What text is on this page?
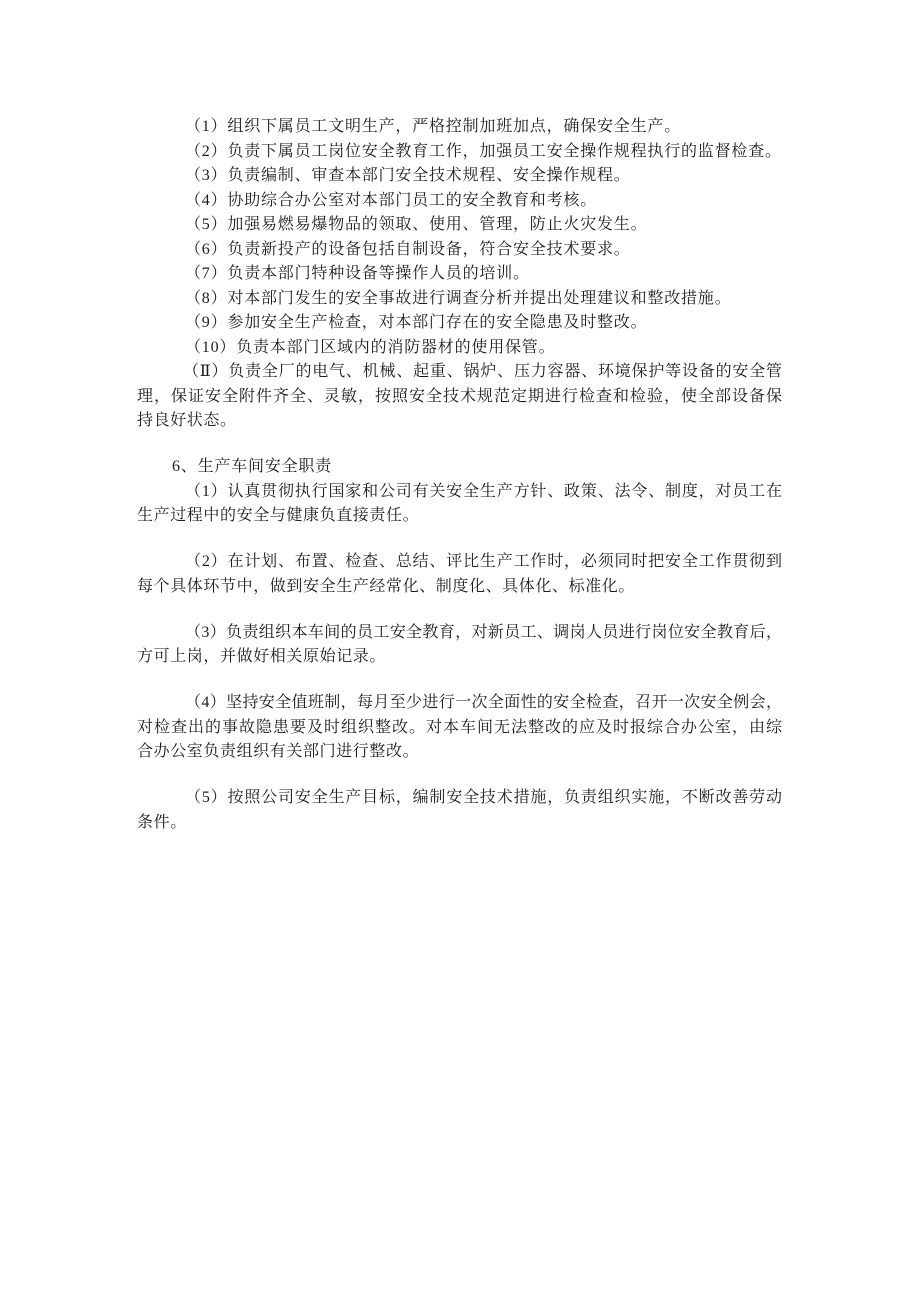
（1）组织下属员工文明生产，严格控制加班加点，确保安全生产。

（2）负责下属员工岗位安全教育工作，加强员工安全操作规程执行的监督检查。

（3）负责编制、审查本部门安全技术规程、安全操作规程。

（4）协助综合办公室对本部门员工的安全教育和考核。

（5）加强易燃易爆物品的领取、使用、管理，防止火灾发生。

（6）负责新投产的设备包括自制设备，符合安全技术要求。

（7）负责本部门特种设备等操作人员的培训。

（8）对本部门发生的安全事故进行调查分析并提出处理建议和整改措施。

（9）参加安全生产检查，对本部门存在的安全隐患及时整改。

（10）负责本部门区域内的消防器材的使用保管。

（Ⅱ）负责全厂的电气、机械、起重、锅炉、压力容器、环境保护等设备的安全管
理，保证安全附件齐全、灵敏，按照安全技术规范定期进行检查和检验，使全部设备保
持良好状态。

6、生产车间安全职责

（1）认真贯彻执行国家和公司有关安全生产方针、政策、法令、制度，对员工在
生产过程中的安全与健康负直接责任。
（2）在计划、布置、检查、总结、评比生产工作时，必须同时把安全工作贯彻到
每个具体环节中，做到安全生产经常化、制度化、具体化、标准化。
（3）负责组织本车间的员工安全教育，对新员工、调岗人员进行岗位安全教育后，
方可上岗，并做好相关原始记录。
（4）坚持安全值班制，每月至少进行一次全面性的安全检查，召开一次安全例会，
对检查出的事故隐患要及时组织整改。对本车间无法整改的应及时报综合办公室，由综
合办公室负责组织有关部门进行整改。
（5）按照公司安全生产目标，编制安全技术措施，负责组织实施，不断改善劳动
条件。
